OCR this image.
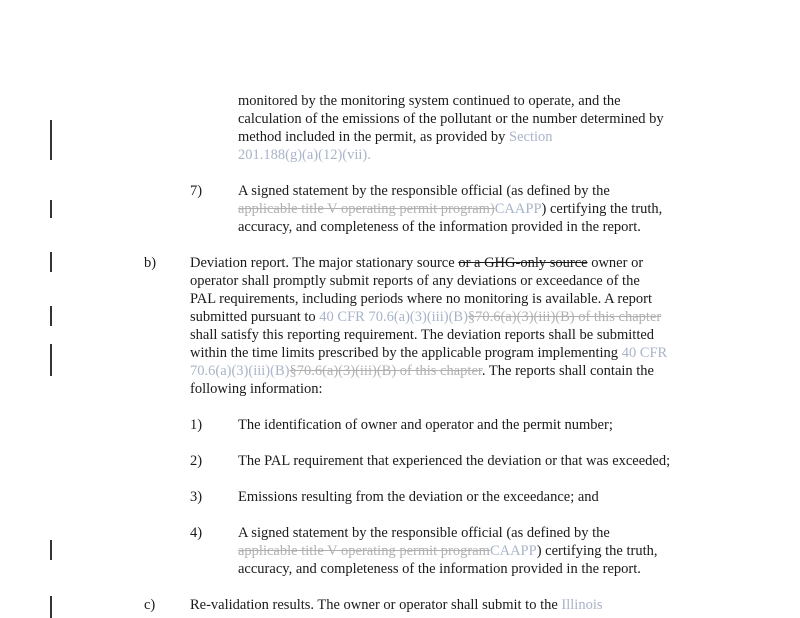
monitored by the monitoring system continued to operate, and the
calculation of the emissions of the pollutant or the number determined by
method included in the permit, as provided by Section
201.188(g)(a)(12)(vii).
7) A signed statement by the responsible official (as defined by the
applicable title V operating permit program)CAAPP) certifying the truth,
accuracy, and completeness of the information provided in the report.
b) Deviation report. The major stationary source or a GHG-only source owner or
operator shall promptly submit reports of any deviations or exceedance of the
PAL requirements, including periods where no monitoring is available. A report
submitted pursuant to 40 CFR 70.6(a)(3)(iii)(B)§70.6(a)(3)(iii)(B) of this chapter
shall satisfy this reporting requirement. The deviation reports shall be submitted
within the time limits prescribed by the applicable program implementing 40 CFR
70.6(a)(3)(iii)(B)§70.6(a)(3)(iii)(B) of this chapter. The reports shall contain the
following information:
1) The identification of owner and operator and the permit number;
2) The PAL requirement that experienced the deviation or that was exceeded;
3) Emissions resulting from the deviation or the exceedance; and
4) A signed statement by the responsible official (as defined by the
applicable title V operating permit programCAAPP) certifying the truth,
accuracy, and completeness of the information provided in the report.
c) Re-validation results. The owner or operator shall submit to the Illinois
